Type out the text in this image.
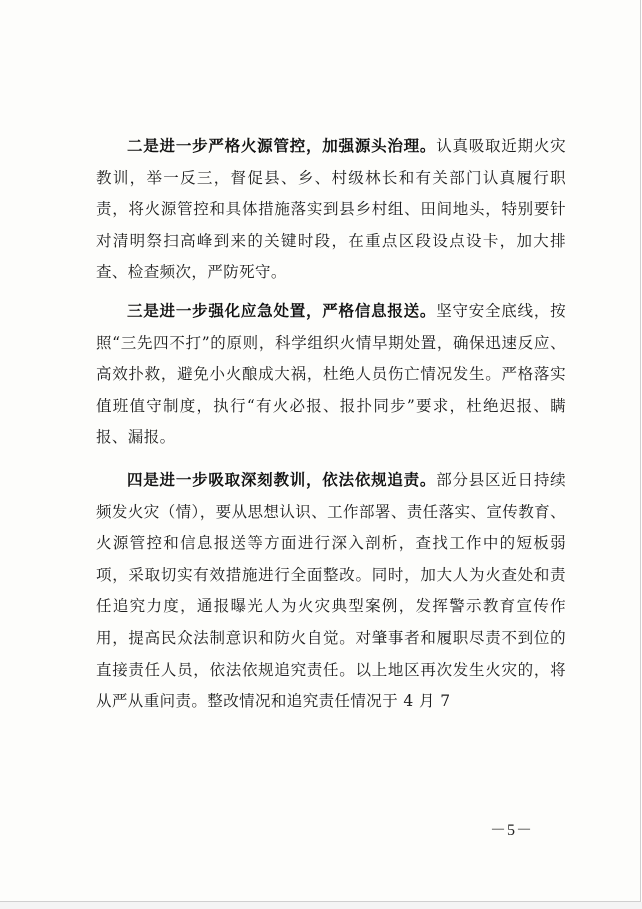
二是进一步严格火源管控，加强源头治理。认真吸取近期火灾教训，举一反三，督促县、乡、村级林长和有关部门认真履行职责，将火源管控和具体措施落实到县乡村组、田间地头，特别要针对清明祭扫高峰到来的关键时段，在重点区段设点设卡，加大排查、检查频次，严防死守。

三是进一步强化应急处置，严格信息报送。坚守安全底线，按照“三先四不打”的原则，科学组织火情早期处置，确保迅速反应、高效扑救，避免小火酿成大祸，杜绝人员伤亡情况发生。严格落实值班值守制度，执行“有火必报、报扑同步”要求，杜绝迟报、瞒报、漏报。

四是进一步吸取深刻教训，依法依规追责。部分县区近日持续频发火灾（情），要从思想认识、工作部署、责任落实、宣传教育、火源管控和信息报送等方面进行深入剖析，查找工作中的短板弱项，采取切实有效措施进行全面整改。同时，加大人为火查处和责任追究力度，通报曝光人为火灾典型案例，发挥警示教育宣传作用，提高民众法制意识和防火自觉。对肇事者和履职尽责不到位的直接责任人员，依法依规追究责任。以上地区再次发生火灾的，将从严从重问责。整改情况和追究责任情况于 4 月 7

－5－
